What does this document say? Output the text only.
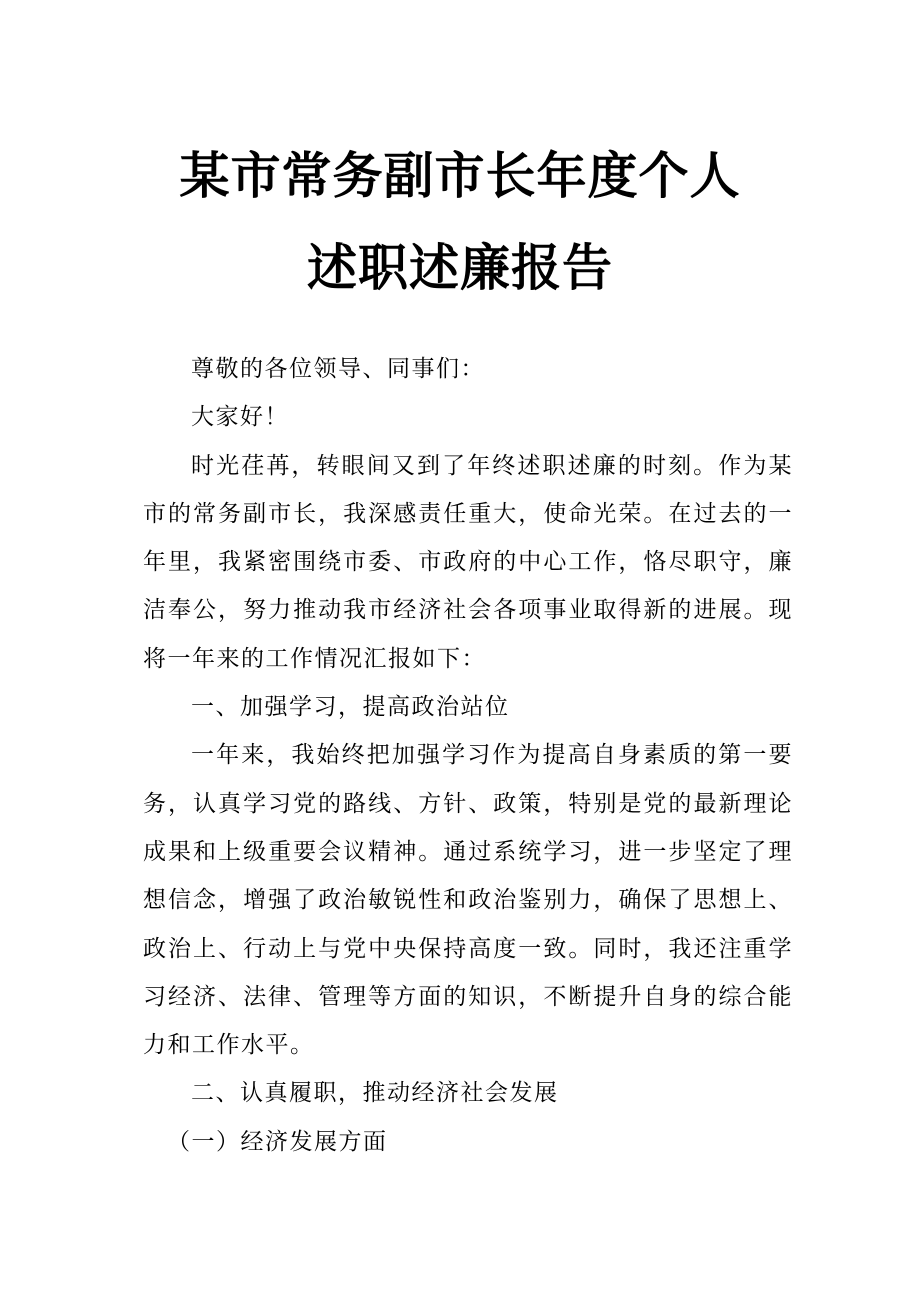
某市常务副市长年度个人
述职述廉报告

尊敬的各位领导、同事们：

大家好！

时光荏苒，转眼间又到了年终述职述廉的时刻。作为某市的常务副市长，我深感责任重大，使命光荣。在过去的一年里，我紧密围绕市委、市政府的中心工作，恪尽职守，廉洁奉公，努力推动我市经济社会各项事业取得新的进展。现将一年来的工作情况汇报如下：

一、加强学习，提高政治站位

一年来，我始终把加强学习作为提高自身素质的第一要务，认真学习党的路线、方针、政策，特别是党的最新理论成果和上级重要会议精神。通过系统学习，进一步坚定了理想信念，增强了政治敏锐性和政治鉴别力，确保了思想上、政治上、行动上与党中央保持高度一致。同时，我还注重学习经济、法律、管理等方面的知识，不断提升自身的综合能力和工作水平。

二、认真履职，推动经济社会发展

（一）经济发展方面
